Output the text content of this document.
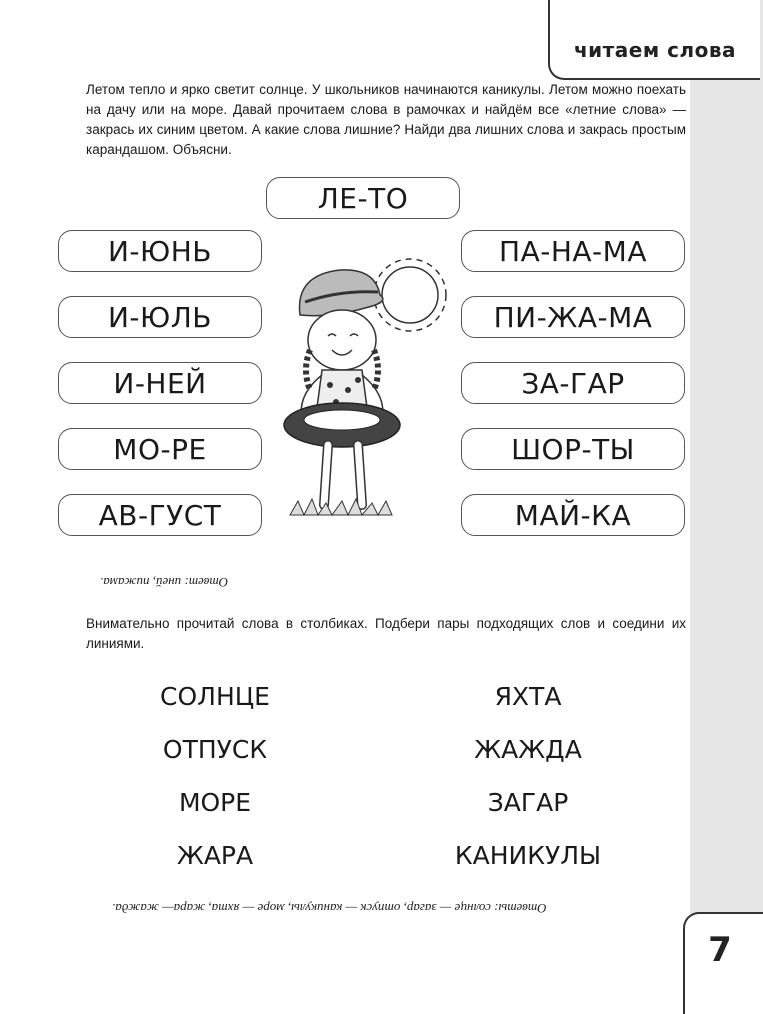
читаем слова

Летом тепло и ярко светит солнце. У школьников начинаются каникулы. Летом можно поехать на дачу или на море. Давай прочитаем слова в рамочках и найдём все «летние слова» — закрась их синим цветом. А какие слова лишние? Найди два лишних слова и закрась простым карандашом. Объясни.

ЛЕ-ТО
И-ЮНЬ
И-ЮЛЬ
И-НЕЙ
МО-РЕ
АВ-ГУСТ
ПА-НА-МА
ПИ-ЖА-МА
ЗА-ГАР
ШОР-ТЫ
МАЙ-КА
Ответ: иней, пижама.

Внимательно прочитай слова в столбиках. Подбери пары подходящих слов и соедини их линиями.

СОЛНЦЕ
ОТПУСК
МОРЕ
ЖАРА
ЯХТА
ЖАЖДА
ЗАГАР
КАНИКУЛЫ
Ответы: солнце — загар, отпуск — каникулы, море — яхта, жара— жажда.
7
